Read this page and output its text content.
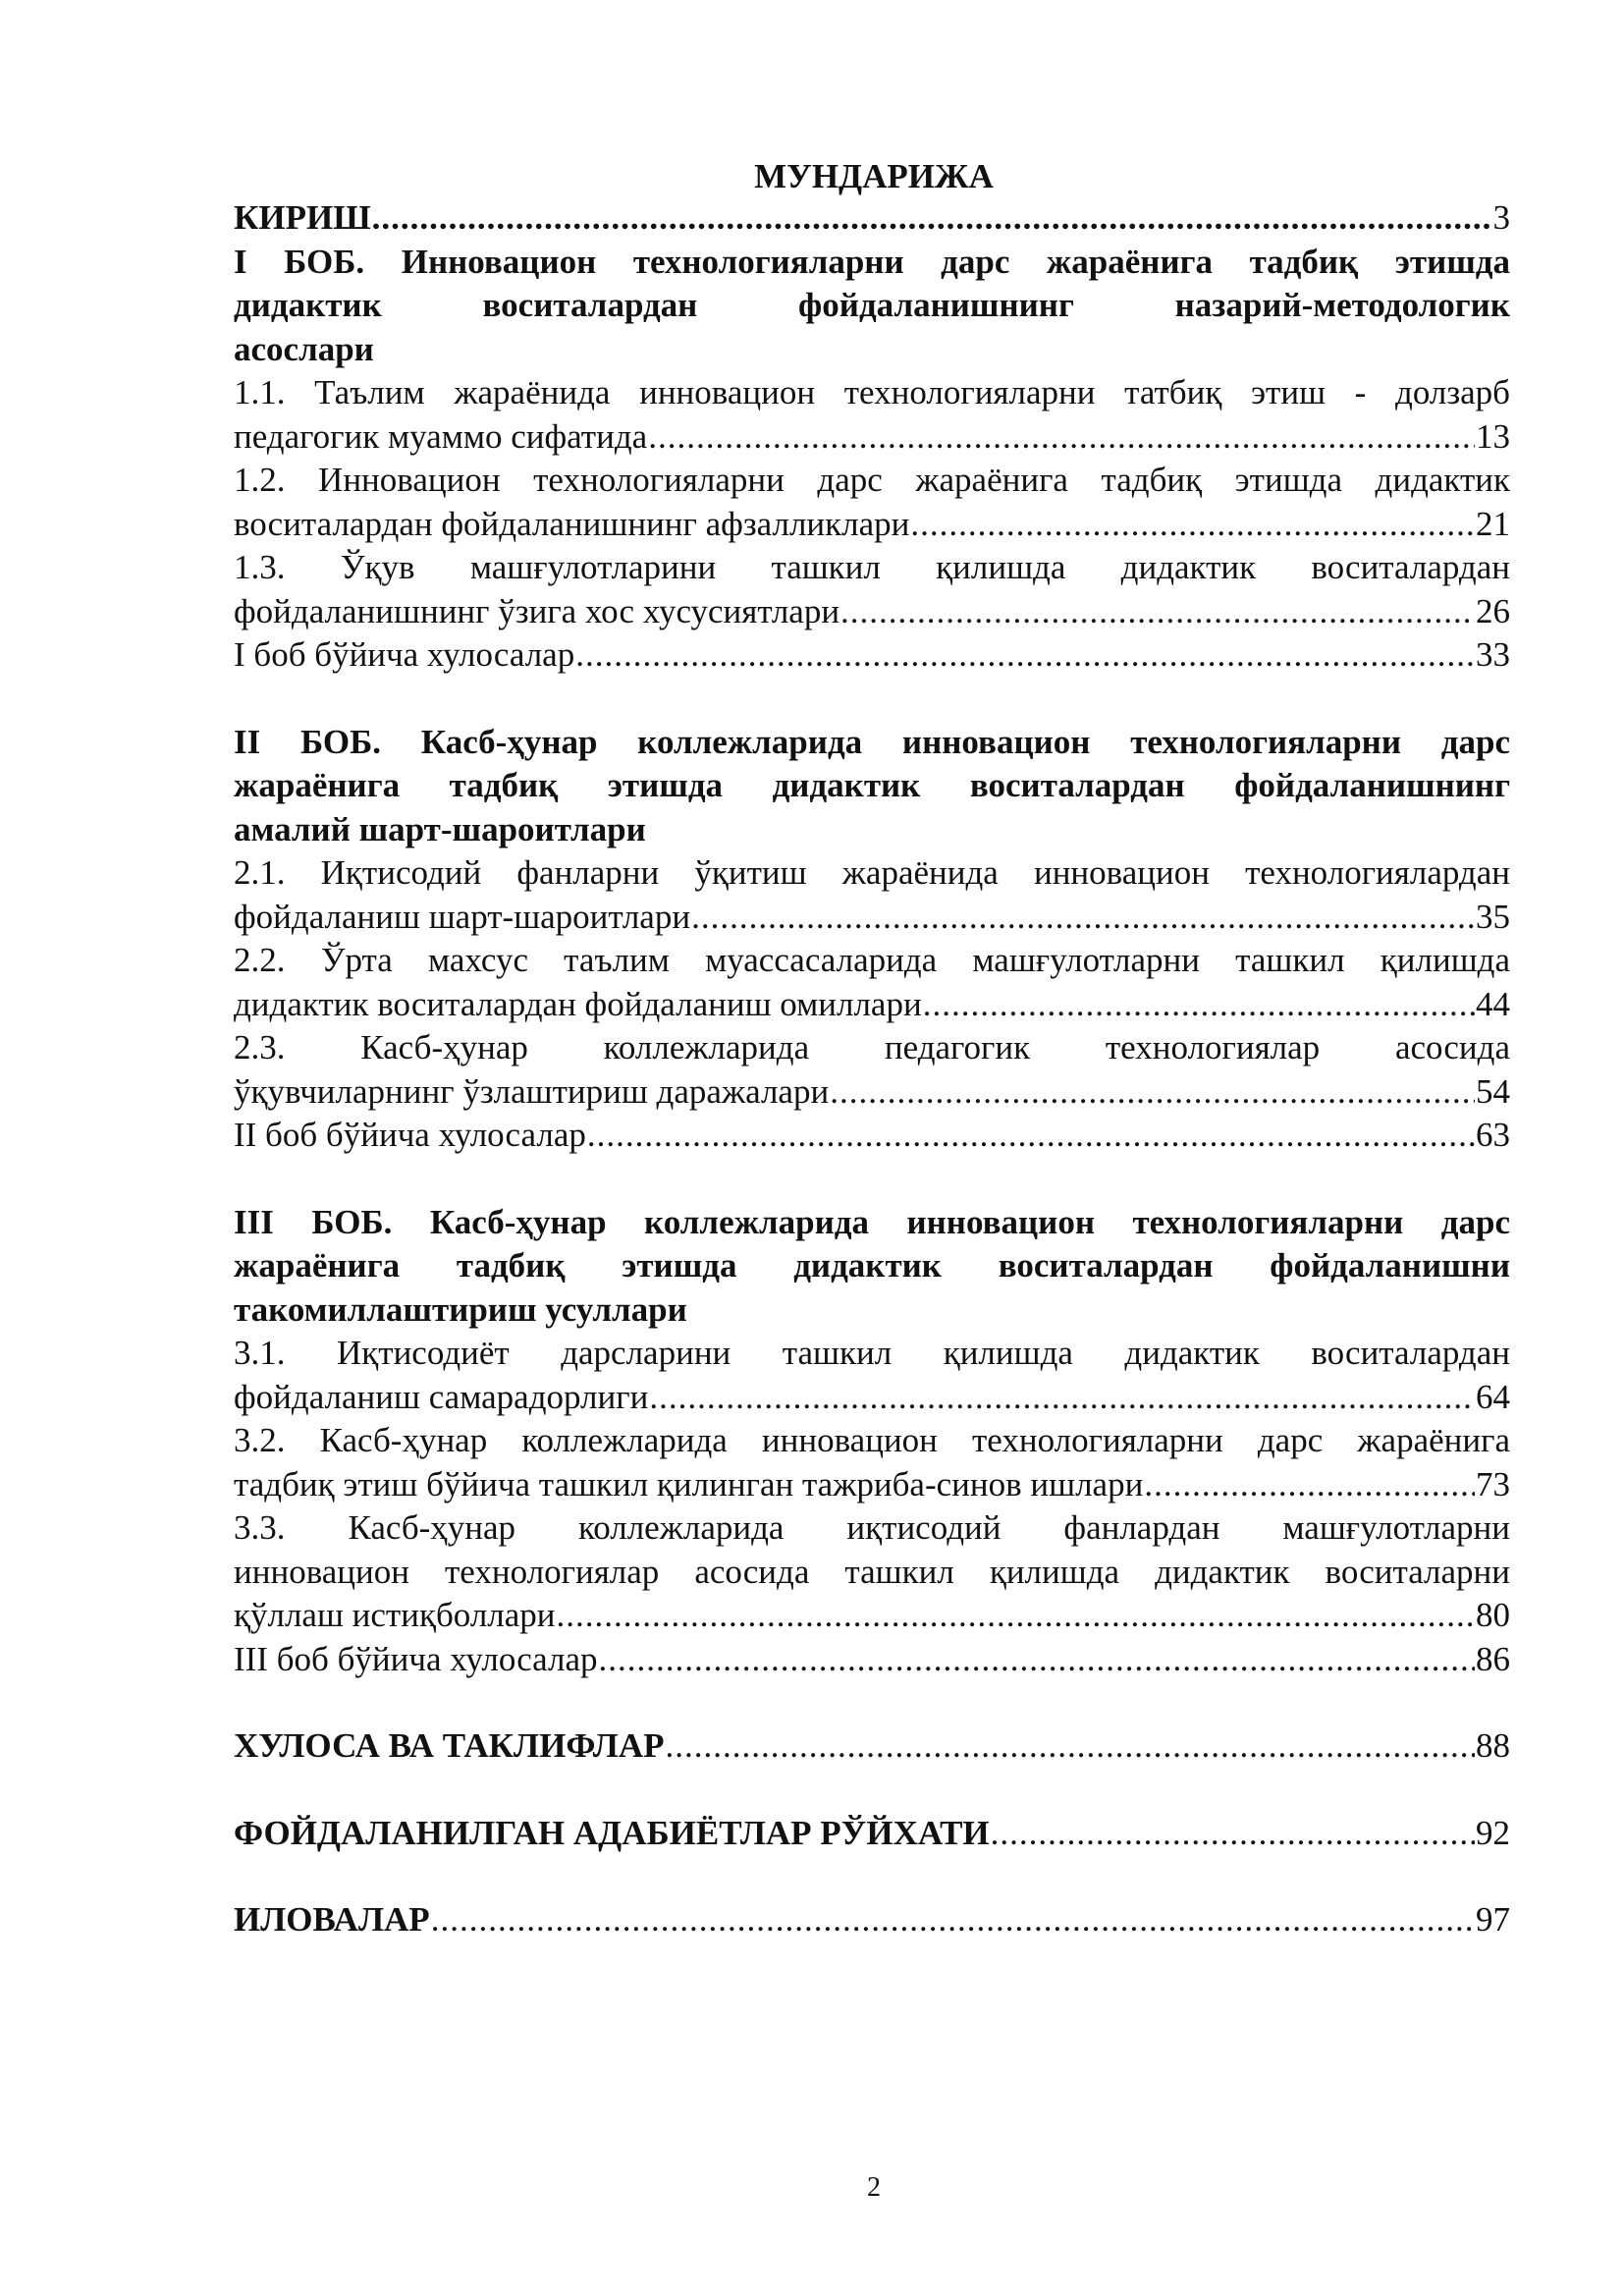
МУНДАРИЖА
КИРИШ .....	3
I БОБ. Инновацион технологияларни дарс жараёнига тадбиқ этишда
дидактик воситалардан фойдаланишнинг назарий-методологик
асослари
1.1. Таълим жараёнида инновацион технологияларни татбиқ этиш - долзарб
педагогик муаммо сифатида .....	13
1.2. Инновацион технологияларни дарс жараёнига тадбиқ этишда дидактик
воситалардан фойдаланишнинг афзалликлари .....	21
1.3. Ўқув машғулотларини ташкил қилишда дидактик воситалардан
фойдаланишнинг ўзига хос хусусиятлари .....	26
I боб бўйича хулосалар .....	33
II БОБ. Касб-ҳунар коллежларида инновацион технологияларни дарс
жараёнига тадбиқ этишда дидактик воситалардан фойдаланишнинг
амалий шарт-шароитлари
2.1. Иқтисодий фанларни ўқитиш жараёнида инновацион технологиялардан
фойдаланиш шарт-шароитлари .....	35
2.2. Ўрта махсус таълим муассасаларида машғулотларни ташкил қилишда
дидактик воситалардан фойдаланиш омиллари .....	44
2.3. Касб-ҳунар коллежларида педагогик технологиялар асосида
ўқувчиларнинг ўзлаштириш даражалари .....	54
II боб бўйича хулосалар .....	63
III БОБ. Касб-ҳунар коллежларида инновацион технологияларни дарс
жараёнига тадбиқ этишда дидактик воситалардан фойдаланишни
такомиллаштириш усуллари
3.1. Иқтисодиёт дарсларини ташкил қилишда дидактик воситалардан
фойдаланиш самарадорлиги .....	64
3.2. Касб-ҳунар коллежларида инновацион технологияларни дарс жараёнига
тадбиқ этиш бўйича ташкил қилинган тажриба-синов ишлари .....	73
3.3. Касб-ҳунар коллежларида иқтисодий фанлардан машғулотларни
инновацион технологиялар асосида ташкил қилишда дидактик воситаларни
қўллаш истиқболлари .....	80
III боб бўйича хулосалар .....	86
ХУЛОСА ВА ТАКЛИФЛАР .....	88
ФОЙДАЛАНИЛГАН АДАБИЁТЛАР РЎЙХАТИ .....	92
ИЛОВАЛАР .....	97
2
